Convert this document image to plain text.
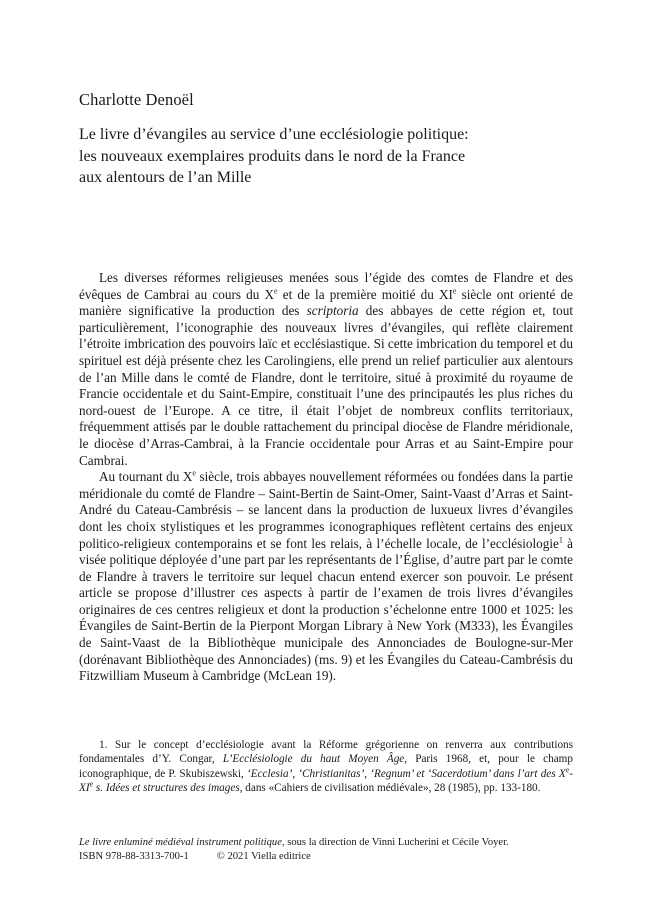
Charlotte Denoël
Le livre d’évangiles au service d’une ecclésiologie politique:
les nouveaux exemplaires produits dans le nord de la France
aux alentours de l’an Mille

Les diverses réformes religieuses menées sous l’égide des comtes de Flandre et des évêques de Cambrai au cours du Xe et de la première moitié du XIe siècle ont orienté de manière significative la production des scriptoria des abbayes de cette région et, tout particulièrement, l’iconographie des nouveaux livres d’évangiles, qui reflète clairement l’étroite imbrication des pouvoirs laïc et ecclésiastique. Si cette imbrication du temporel et du spirituel est déjà présente chez les Carolingiens, elle prend un relief particulier aux alentours de l’an Mille dans le comté de Flandre, dont le territoire, situé à proximité du royaume de Francie occidentale et du Saint-Empire, constituait l’une des principautés les plus riches du nord-ouest de l’Europe. A ce titre, il était l’objet de nombreux conflits territoriaux, fréquemment attisés par le double rattachement du principal diocèse de Flandre méridionale, le diocèse d’Arras-Cambrai, à la Francie occidentale pour Arras et au Saint-Empire pour Cambrai.

Au tournant du Xe siècle, trois abbayes nouvellement réformées ou fondées dans la partie méridionale du comté de Flandre – Saint-Bertin de Saint-Omer, Saint-Vaast d’Arras et Saint-André du Cateau-Cambrésis – se lancent dans la production de luxueux livres d’évangiles dont les choix stylistiques et les programmes iconographiques reflètent certains des enjeux politico-religieux contemporains et se font les relais, à l’échelle locale, de l’ecclésiologie$^1$ à visée politique déployée d’une part par les représentants de l’Église, d’autre part par le comte de Flandre à travers le territoire sur lequel chacun entend exercer son pouvoir. Le présent article se propose d’illustrer ces aspects à partir de l’examen de trois livres d’évangiles originaires de ces centres religieux et dont la production s’échelonne entre 1000 et 1025: les Évangiles de Saint-Bertin de la Pierpont Morgan Library à New York (M333), les Évangiles de Saint-Vaast de la Bibliothèque municipale des Annonciades de Boulogne-sur-Mer (dorénavant Bibliothèque des Annonciades) (ms. 9) et les Évangiles du Cateau-Cambrésis du Fitzwilliam Museum à Cambridge (McLean 19).

1. Sur le concept d’ecclésiologie avant la Réforme grégorienne on renverra aux contributions fondamentales d’Y. Congar, L’Ecclésiologie du haut Moyen Âge, Paris 1968, et, pour le champ iconographique, de P. Skubiszewski, ‘Ecclesia’, ‘Christianitas’, ‘Regnum’ et ‘Sacerdotium’ dans l’art des Xe-XIe s. Idées et structures des images, dans «Cahiers de civilisation médiévale», 28 (1985), pp. 133-180.

Le livre enluminé médiéval instrument politique, sous la direction de Vinni Lucherini et Cécile Voyer.
ISBN 978-88-3313-700-1	© 2021 Viella editrice
